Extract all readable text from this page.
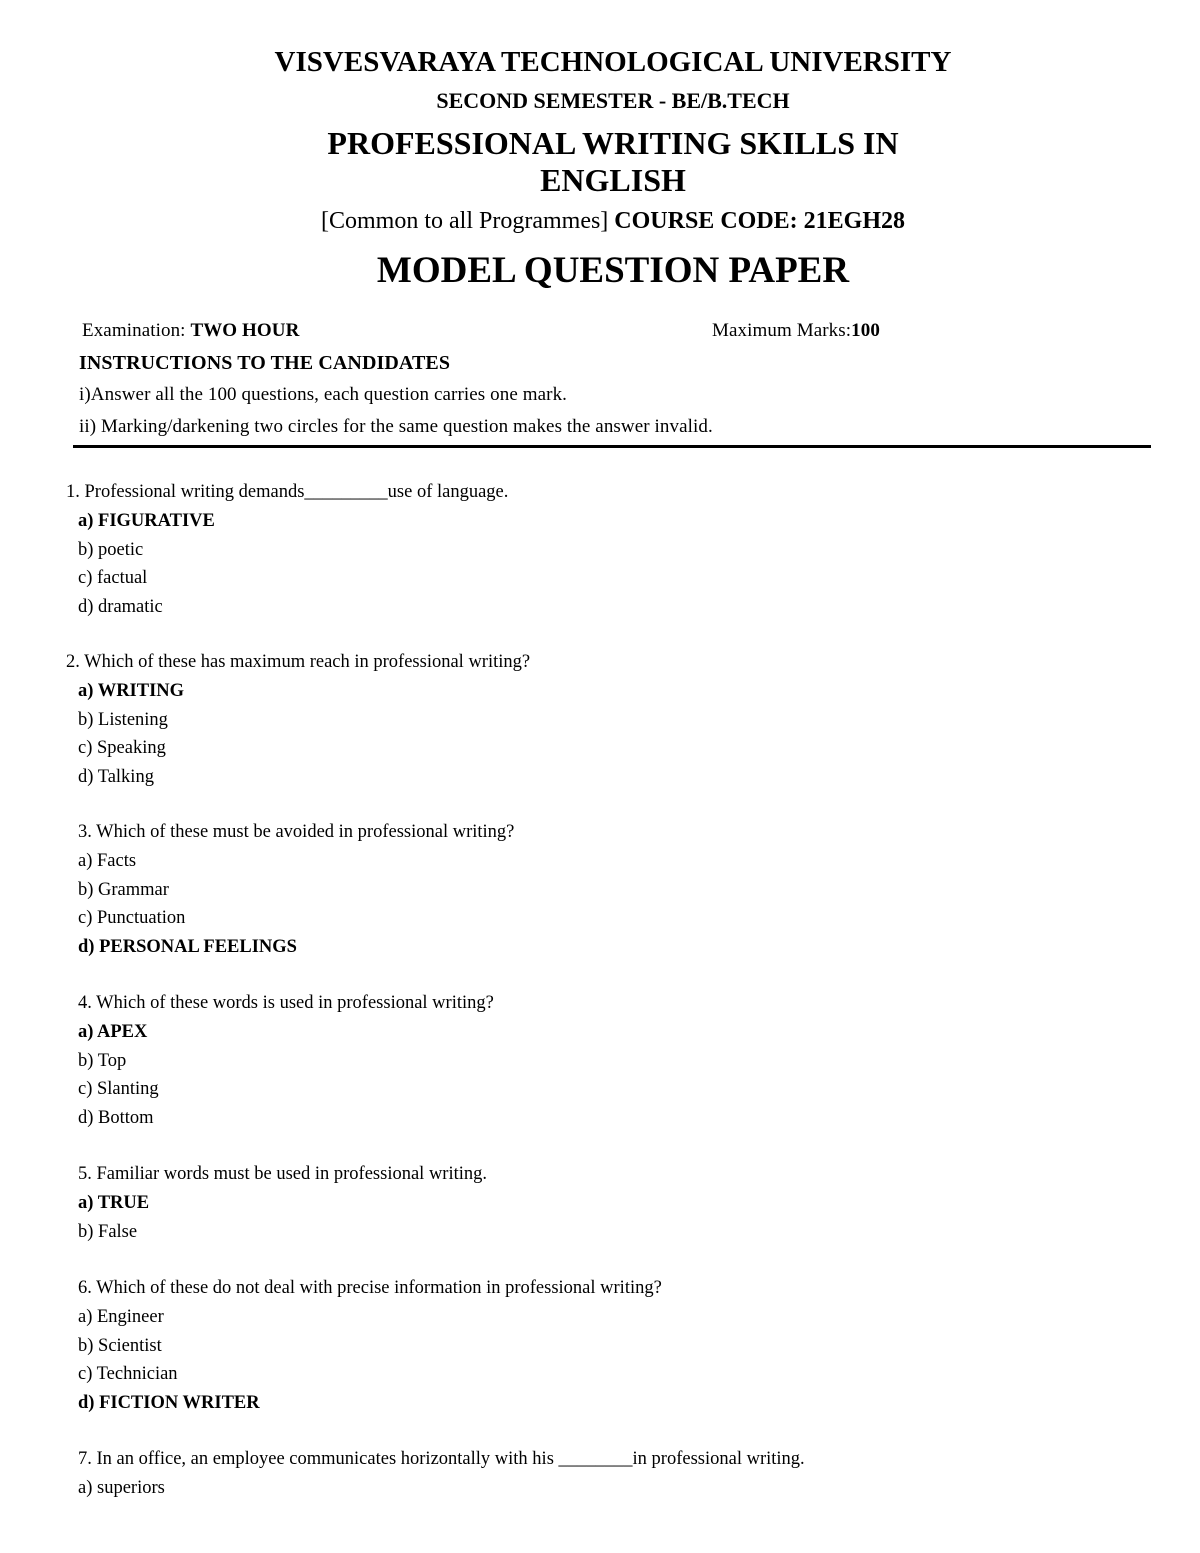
VISVESVARAYA TECHNOLOGICAL UNIVERSITY
SECOND SEMESTER - BE/B.TECH
PROFESSIONAL WRITING SKILLS IN
ENGLISH
[Common to all Programmes] COURSE CODE: 21EGH28
MODEL QUESTION PAPER
Examination: TWO HOUR	Maximum Marks:100
INSTRUCTIONS TO THE CANDIDATES
i)Answer all the 100 questions, each question carries one mark.
ii) Marking/darkening two circles for the same question makes the answer invalid.
1. Professional writing demands_________use of language.
a) FIGURATIVE
b) poetic
c) factual
d) dramatic
2. Which of these has maximum reach in professional writing?
a) WRITING
b) Listening
c) Speaking
d) Talking
3. Which of these must be avoided in professional writing?
a) Facts
b) Grammar
c) Punctuation
d) PERSONAL FEELINGS
4. Which of these words is used in professional writing?
a) APEX
b) Top
c) Slanting
d) Bottom
5. Familiar words must be used in professional writing.
a) TRUE
b) False
6. Which of these do not deal with precise information in professional writing?
a) Engineer
b) Scientist
c) Technician
d) FICTION WRITER
7. In an office, an employee communicates horizontally with his ________in professional writing.
a) superiors
